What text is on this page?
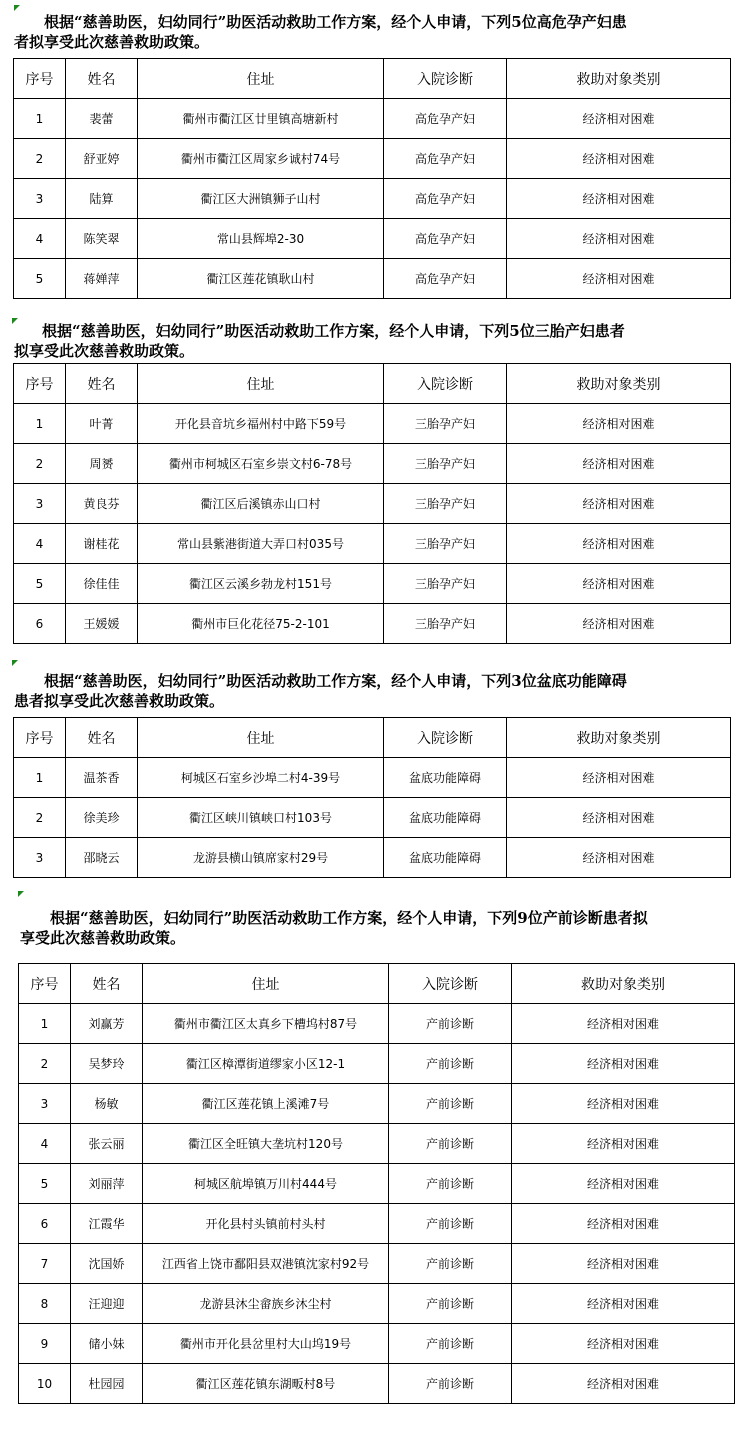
　　根据“慈善助医，妇幼同行”助医活动救助工作方案，经个人申请，下列5位高危孕产妇患
者拟享受此次慈善救助政策。
序号	姓名	住址	入院诊断	救助对象类别
1	裴蕾	衢州市衢江区廿里镇高塘新村	高危孕产妇	经济相对困难
2	舒亚婷	衢州市衢江区周家乡诚村74号	高危孕产妇	经济相对困难
3	陆算	衢江区大洲镇狮子山村	高危孕产妇	经济相对困难
4	陈笑翠	常山县辉埠2-30	高危孕产妇	经济相对困难
5	蒋婵萍	衢江区莲花镇耿山村	高危孕产妇	经济相对困难
　　根据“慈善助医，妇幼同行”助医活动救助工作方案，经个人申请，下列5位三胎产妇患者
拟享受此次慈善救助政策。
序号	姓名	住址	入院诊断	救助对象类别
1	叶菁	开化县音坑乡福州村中路下59号	三胎孕产妇	经济相对困难
2	周赟	衢州市柯城区石室乡崇文村6-78号	三胎孕产妇	经济相对困难
3	黄良芬	衢江区后溪镇赤山口村	三胎孕产妇	经济相对困难
4	谢桂花	常山县紫港街道大弄口村035号	三胎孕产妇	经济相对困难
5	徐佳佳	衢江区云溪乡勃龙村151号	三胎孕产妇	经济相对困难
6	王媛媛	衢州市巨化花径75-2-101	三胎孕产妇	经济相对困难
　　根据“慈善助医，妇幼同行”助医活动救助工作方案，经个人申请，下列3位盆底功能障碍
患者拟享受此次慈善救助政策。
序号	姓名	住址	入院诊断	救助对象类别
1	温茶香	柯城区石室乡沙埠二村4-39号	盆底功能障碍	经济相对困难
2	徐美珍	衢江区峡川镇峡口村103号	盆底功能障碍	经济相对困难
3	邵晓云	龙游县横山镇席家村29号	盆底功能障碍	经济相对困难
　　根据“慈善助医，妇幼同行”助医活动救助工作方案，经个人申请，下列9位产前诊断患者拟
享受此次慈善救助政策。
序号	姓名	住址	入院诊断	救助对象类别
1	刘赢芳	衢州市衢江区太真乡下槽坞村87号	产前诊断	经济相对困难
2	吴梦玲	衢江区樟潭街道缪家小区12-1	产前诊断	经济相对困难
3	杨敏	衢江区莲花镇上溪滩7号	产前诊断	经济相对困难
4	张云丽	衢江区全旺镇大垄坑村120号	产前诊断	经济相对困难
5	刘丽萍	柯城区航埠镇万川村444号	产前诊断	经济相对困难
6	江霞华	开化县村头镇前村头村	产前诊断	经济相对困难
7	沈国娇	江西省上饶市鄱阳县双港镇沈家村92号	产前诊断	经济相对困难
8	汪迎迎	龙游县沐尘畲族乡沐尘村	产前诊断	经济相对困难
9	储小妹	衢州市开化县岔里村大山坞19号	产前诊断	经济相对困难
10	杜园园	衢江区莲花镇东湖畈村8号	产前诊断	经济相对困难
